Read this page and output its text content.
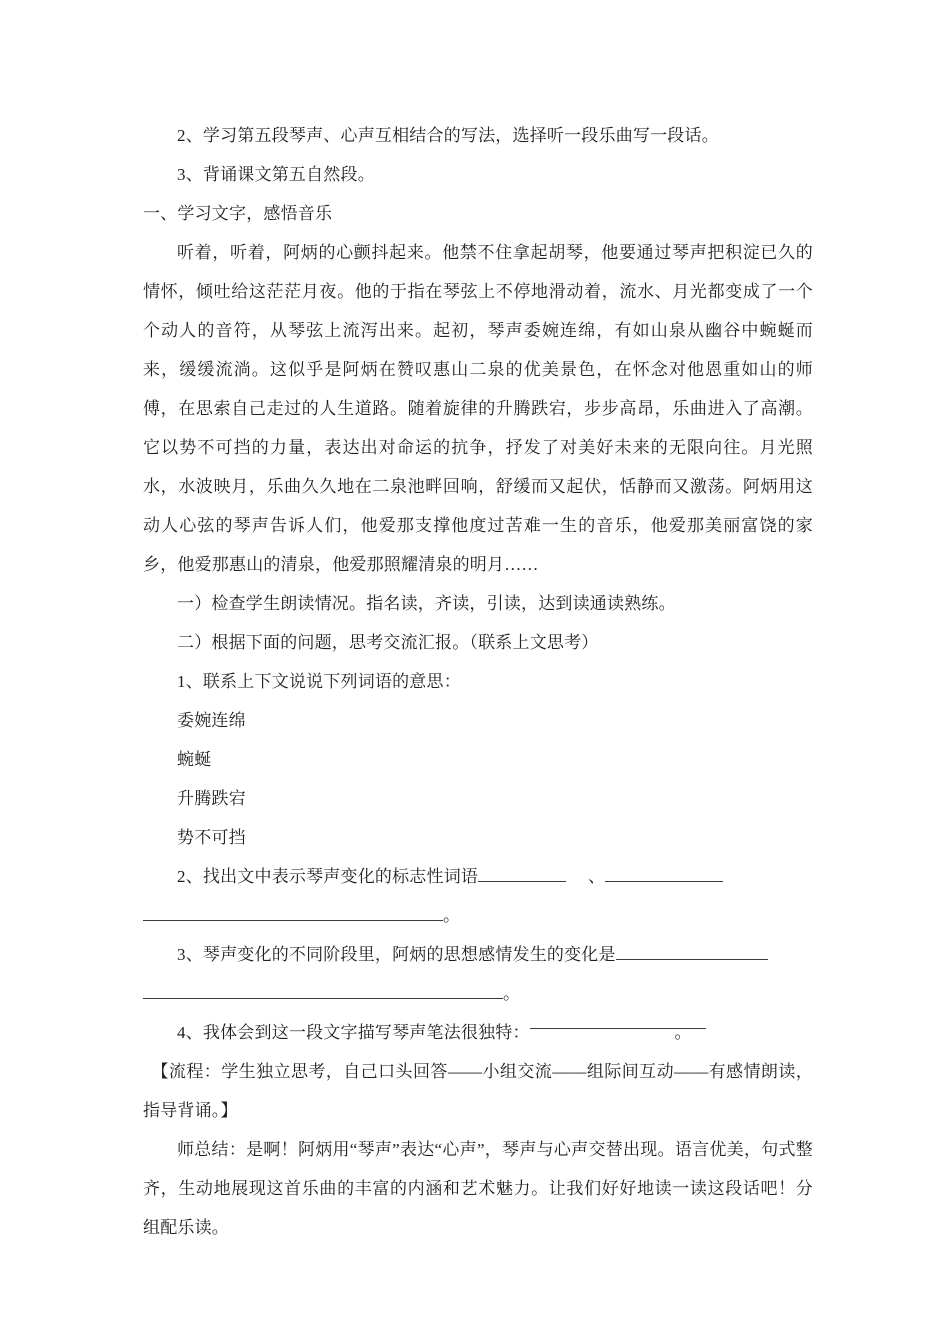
2、学习第五段琴声、心声互相结合的写法，选择听一段乐曲写一段话。

3、背诵课文第五自然段。

一、学习文字，感悟音乐

听着，听着，阿炳的心颤抖起来。他禁不住拿起胡琴，他要通过琴声把积淀已久的情怀，倾吐给这茫茫月夜。他的于指在琴弦上不停地滑动着，流水、月光都变成了一个个动人的音符，从琴弦上流泻出来。起初，琴声委婉连绵，有如山泉从幽谷中蜿蜒而来，缓缓流淌。这似乎是阿炳在赞叹惠山二泉的优美景色，在怀念对他恩重如山的师傅，在思索自己走过的人生道路。随着旋律的升腾跌宕，步步高昂，乐曲进入了高潮。它以势不可挡的力量，表达出对命运的抗争，抒发了对美好未来的无限向往。月光照水，水波映月，乐曲久久地在二泉池畔回响，舒缓而又起伏，恬静而又激荡。阿炳用这动人心弦的琴声告诉人们，他爱那支撑他度过苦难一生的音乐，他爱那美丽富饶的家乡，他爱那惠山的清泉，他爱那照耀清泉的明月……

一）检查学生朗读情况。指名读，齐读，引读，达到读通读熟练。

二）根据下面的问题，思考交流汇报。（联系上文思考）

1、联系上下文说说下列词语的意思：

委婉连绵

蜿蜒

升腾跌宕

势不可挡

2、找出文中表示琴声变化的标志性词语	、
。

3、琴声变化的不同阶段里，阿炳的思想感情发生的变化是
。

4、我体会到这一段文字描写琴声笔法很独特：	。

【流程：学生独立思考，自己口头回答——小组交流——组际间互动——有感情朗读，指导背诵。】

师总结：是啊！阿炳用“琴声”表达“心声”，琴声与心声交替出现。语言优美，句式整齐，生动地展现这首乐曲的丰富的内涵和艺术魅力。让我们好好地读一读这段话吧！分组配乐读。
